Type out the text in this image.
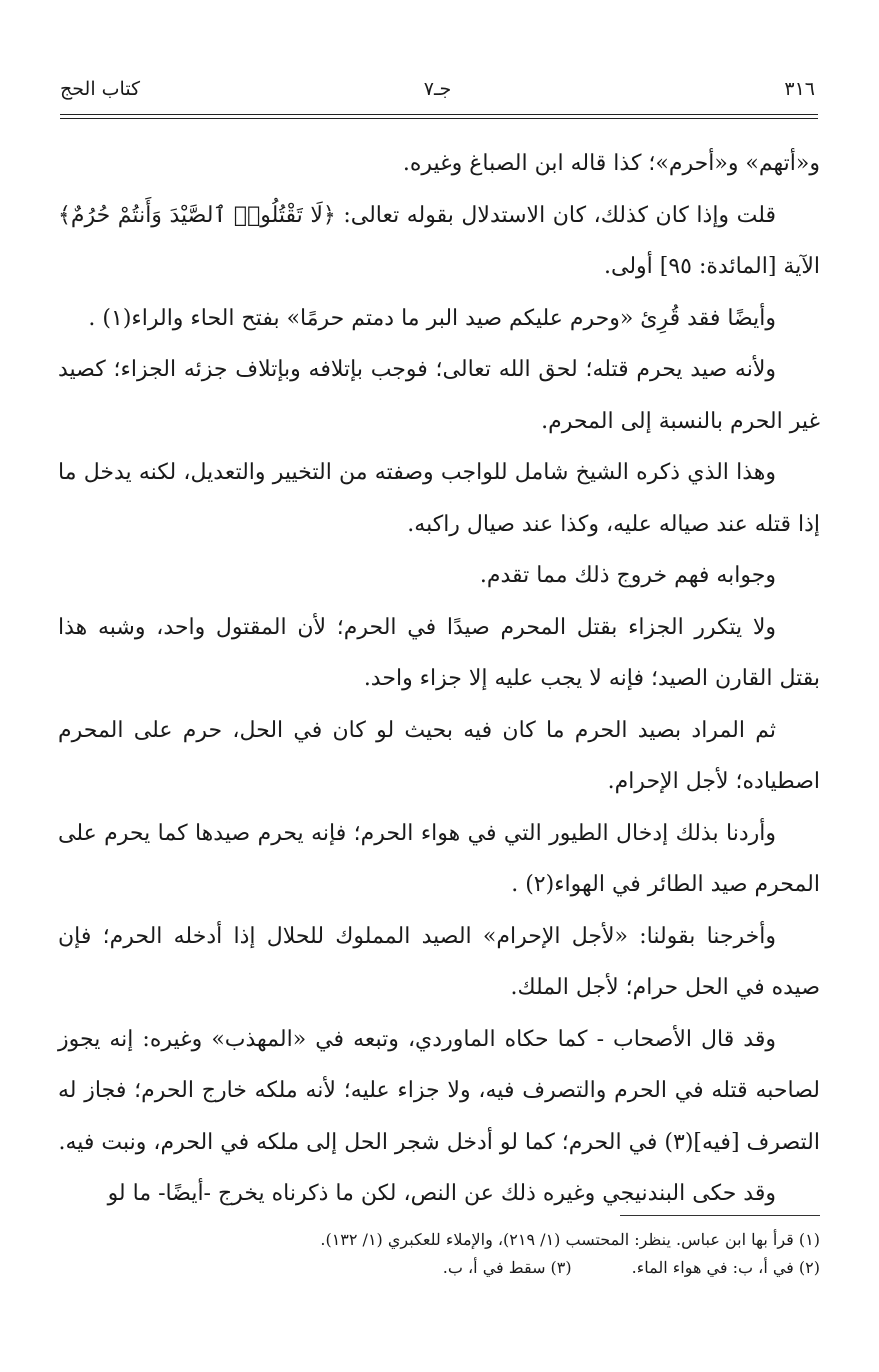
٣١٦
جـ٧
كتاب الحج

و«أتهم» و«أحرم»؛ كذا قاله ابن الصباغ وغيره.

قلت وإذا كان كذلك، كان الاستدلال بقوله تعالى: ﴿لَا تَقْتُلُوا۟ ٱلصَّيْدَ وَأَنتُمْ حُرُمٌ﴾ الآية [المائدة: ٩٥] أولى.

وأيضًا فقد قُرِئ «وحرم عليكم صيد البر ما دمتم حرمًا» بفتح الحاء والراء(١) .

ولأنه صيد يحرم قتله؛ لحق الله تعالى؛ فوجب بإتلافه وبإتلاف جزئه الجزاء؛ كصيد غير الحرم بالنسبة إلى المحرم.

وهذا الذي ذكره الشيخ شامل للواجب وصفته من التخيير والتعديل، لكنه يدخل ما إذا قتله عند صياله عليه، وكذا عند صيال راكبه.

وجوابه فهم خروج ذلك مما تقدم.

ولا يتكرر الجزاء بقتل المحرم صيدًا في الحرم؛ لأن المقتول واحد، وشبه هذا بقتل القارن الصيد؛ فإنه لا يجب عليه إلا جزاء واحد.

ثم المراد بصيد الحرم ما كان فيه بحيث لو كان في الحل، حرم على المحرم اصطياده؛ لأجل الإحرام.

وأردنا بذلك إدخال الطيور التي في هواء الحرم؛ فإنه يحرم صيدها كما يحرم على المحرم صيد الطائر في الهواء(٢) .

وأخرجنا بقولنا: «لأجل الإحرام» الصيد المملوك للحلال إذا أدخله الحرم؛ فإن صيده في الحل حرام؛ لأجل الملك.

وقد قال الأصحاب - كما حكاه الماوردي، وتبعه في «المهذب» وغيره: إنه يجوز لصاحبه قتله في الحرم والتصرف فيه، ولا جزاء عليه؛ لأنه ملكه خارج الحرم؛ فجاز له التصرف [فيه](٣) في الحرم؛ كما لو أدخل شجر الحل إلى ملكه في الحرم، ونبت فيه.

وقد حكى البندنيجي وغيره ذلك عن النص، لكن ما ذكرناه يخرج -أيضًا- ما لو

(١) قرأ بها ابن عباس. ينظر: المحتسب (١/ ٢١٩)، والإملاء للعكبري (١/ ١٣٢).
(٢) في أ، ب: في هواء الماء.(٣) سقط في أ، ب.
